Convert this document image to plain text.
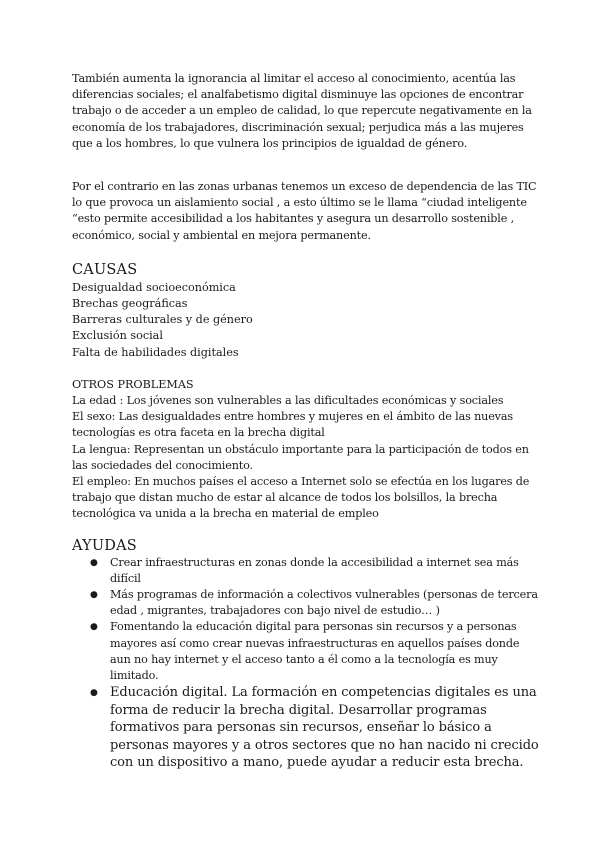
También aumenta la ignorancia al limitar el acceso al conocimiento, acentúa las diferencias sociales; el analfabetismo digital disminuye las opciones de encontrar trabajo o de acceder a un empleo de calidad, lo que repercute negativamente en la economía de los trabajadores, discriminación sexual; perjudica más a las mujeres que a los hombres, lo que vulnera los principios de igualdad de género.

Por el contrario en las zonas urbanas tenemos un exceso de dependencia de las TIC lo que provoca un aislamiento social , a esto último se le llama “ciudad inteligente “esto permite accesibilidad a los habitantes y asegura un desarrollo sostenible , económico, social y ambiental en mejora permanente.

CAUSAS
Desigualdad socioeconómica
Brechas geográficas
Barreras culturales y de género
Exclusión social
Falta de habilidades digitales
OTROS PROBLEMAS

La edad : Los jóvenes son vulnerables a las dificultades económicas y sociales

El sexo: Las desigualdades entre hombres y mujeres en el ámbito de las nuevas tecnologías es otra faceta en la brecha digital

La lengua: Representan un obstáculo importante para la participación de todos en las sociedades del conocimiento.

El empleo: En muchos países el acceso a Internet solo se efectúa en los lugares de trabajo que distan mucho de estar al alcance de todos los bolsillos, la brecha tecnológica va unida a la brecha en material de empleo

AYUDAS
● Crear infraestructuras en zonas donde la accesibilidad a internet sea más difícil
● Más programas de información a colectivos vulnerables (personas de tercera edad , migrantes, trabajadores con bajo nivel de estudio… )
● Fomentando la educación digital para personas sin recursos y a personas mayores así como crear nuevas infraestructuras en aquellos países donde aun no hay internet y el acceso tanto a él como a la tecnología es muy limitado.
● Educación digital. La formación en competencias digitales es una forma de reducir la brecha digital. Desarrollar programas formativos para personas sin recursos, enseñar lo básico a personas mayores y a otros sectores que no han nacido ni crecido con un dispositivo a mano, puede ayudar a reducir esta brecha.
